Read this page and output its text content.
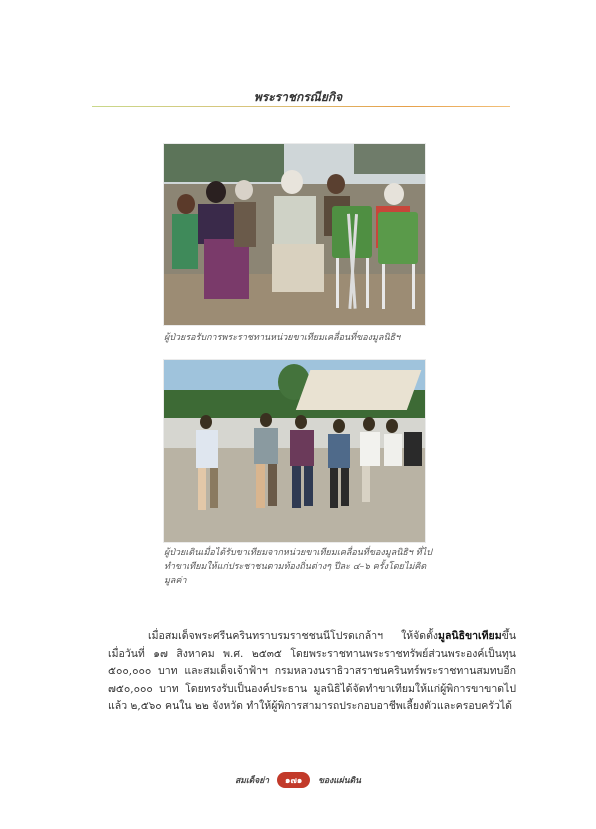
พระราชกรณียกิจ
ผู้ป่วยรอรับการพระราชทานหน่วยขาเทียมเคลื่อนที่ของมูลนิธิฯ
ผู้ป่วยเดินเมื่อได้รับขาเทียมจากหน่วยขาเทียมเคลื่อนที่ของมูลนิธิฯ ที่ไปทำขาเทียมให้แก่ประชาชนตามท้องถิ่นต่างๆ ปีละ ๔–๖ ครั้งโดยไม่คิดมูลค่า

เมื่อสมเด็จพระศรีนครินทราบรมราชชนนีโปรดเกล้าฯ ให้จัดตั้งมูลนิธิขาเทียมขึ้นเมื่อวันที่ ๑๗ สิงหาคม พ.ศ. ๒๕๓๕ โดยพระราชทานพระราชทรัพย์ส่วนพระองค์เป็นทุน ๕๐๐,๐๐๐ บาท และสมเด็จเจ้าฟ้าฯ กรมหลวงนราธิวาสราชนครินทร์พระราชทานสมทบอีก ๗๕๐,๐๐๐ บาท โดยทรงรับเป็นองค์ประธาน มูลนิธิได้จัดทำขาเทียมให้แก่ผู้พิการขาขาดไปแล้ว ๒,๕๖๐ คนใน ๒๒ จังหวัด ทำให้ผู้พิการสามารถประกอบอาชีพเลี้ยงตัวและครอบครัวได้

สมเด็จย่า	๑๗๑	ของแผ่นดิน
